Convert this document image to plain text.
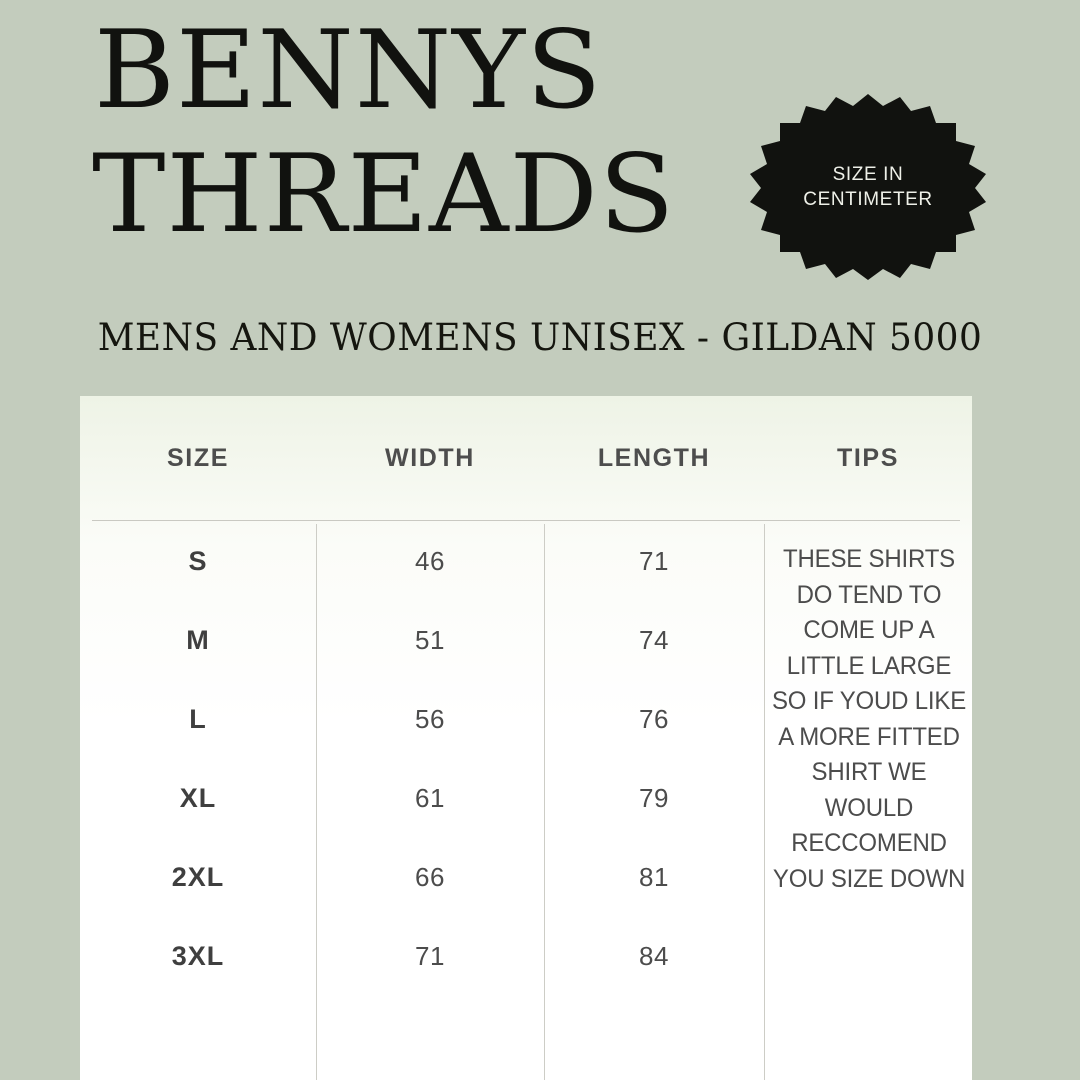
BENNYS
THREADS
MENS AND WOMENS UNISEX - GILDAN 5000
SIZE IN
CENTIMETER
SIZE	WIDTH	LENGTH	TIPS
S	46	71
M	51	74
L	56	76
XL	61	79
2XL	66	81
3XL	71	84
THESE SHIRTS DO TEND TO COME UP A LITTLE LARGE SO IF YOUD LIKE A MORE FITTED SHIRT WE WOULD RECCOMEND YOU SIZE DOWN
